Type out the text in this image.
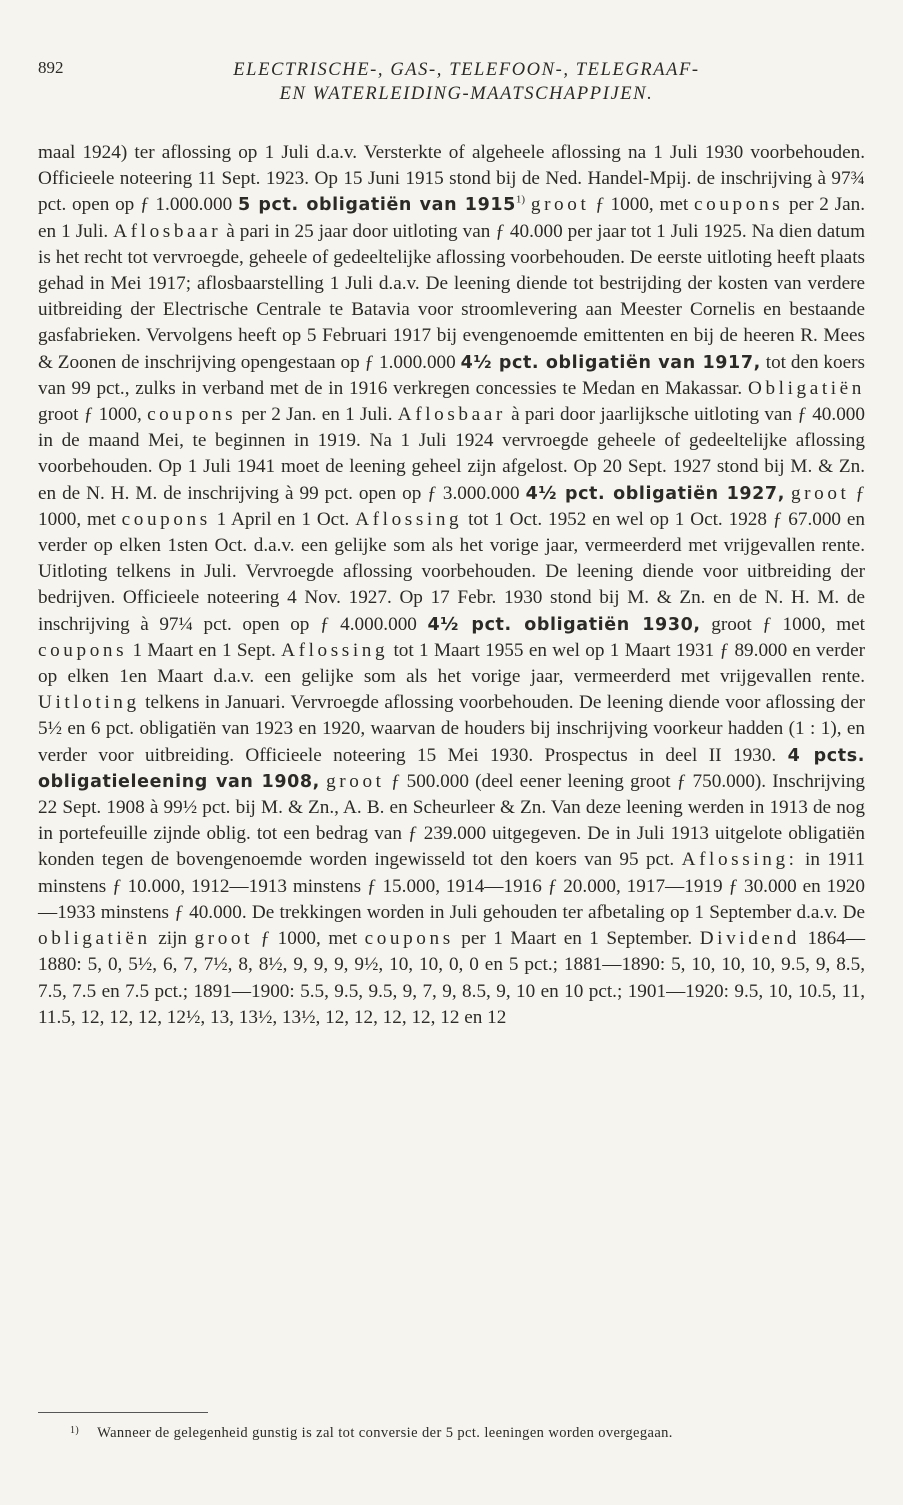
892	ELECTRISCHE-, GAS-, TELEFOON-, TELEGRAAF-
EN WATERLEIDING-MAATSCHAPPIJEN.

maal 1924) ter aflossing op 1 Juli d.a.v. Versterkte of algeheele aflossing na 1 Juli 1930 voorbehouden. Officieele noteering 11 Sept. 1923. Op 15 Juni 1915 stond bij de Ned. Handel-Mpij. de inschrijving à 97¾ pct. open op ƒ 1.000.000 5 pct. obligatiën van 1915$^{1)}$ groot ƒ 1000, met coupons per 2 Jan. en 1 Juli. Aflosbaar à pari in 25 jaar door uitloting van ƒ 40.000 per jaar tot 1 Juli 1925. Na dien datum is het recht tot vervroegde, geheele of gedeeltelijke aflossing voorbehouden. De eerste uitloting heeft plaats gehad in Mei 1917; aflosbaarstelling 1 Juli d.a.v. De leening diende tot bestrijding der kosten van verdere uitbreiding der Electrische Centrale te Batavia voor stroomlevering aan Meester Cornelis en bestaande gasfabrieken. Vervolgens heeft op 5 Februari 1917 bij evengenoemde emittenten en bij de heeren R. Mees & Zoonen de inschrijving opengestaan op ƒ 1.000.000 4½ pct. obligatiën van 1917, tot den koers van 99 pct., zulks in verband met de in 1916 verkregen concessies te Medan en Makassar. Obligatiën groot ƒ 1000, coupons per 2 Jan. en 1 Juli. Aflosbaar à pari door jaarlijksche uitloting van ƒ 40.000 in de maand Mei, te beginnen in 1919. Na 1 Juli 1924 vervroegde geheele of gedeeltelijke aflossing voorbehouden. Op 1 Juli 1941 moet de leening geheel zijn afgelost. Op 20 Sept. 1927 stond bij M. & Zn. en de N. H. M. de inschrijving à 99 pct. open op ƒ 3.000.000 4½ pct. obligatiën 1927, groot ƒ 1000, met coupons 1 April en 1 Oct. Aflossing tot 1 Oct. 1952 en wel op 1 Oct. 1928 ƒ 67.000 en verder op elken 1sten Oct. d.a.v. een gelijke som als het vorige jaar, vermeerderd met vrijgevallen rente. Uitloting telkens in Juli. Vervroegde aflossing voorbehouden. De leening diende voor uitbreiding der bedrijven. Officieele noteering 4 Nov. 1927. Op 17 Febr. 1930 stond bij M. & Zn. en de N. H. M. de inschrijving à 97¼ pct. open op ƒ 4.000.000 4½ pct. obligatiën 1930, groot ƒ 1000, met coupons 1 Maart en 1 Sept. Aflossing tot 1 Maart 1955 en wel op 1 Maart 1931 ƒ 89.000 en verder op elken 1en Maart d.a.v. een gelijke som als het vorige jaar, vermeerderd met vrijgevallen rente. Uitloting telkens in Januari. Vervroegde aflossing voorbehouden. De leening diende voor aflossing der 5½ en 6 pct. obligatiën van 1923 en 1920, waarvan de houders bij inschrijving voorkeur hadden (1 : 1), en verder voor uitbreiding. Officieele noteering 15 Mei 1930. Prospectus in deel II 1930. 4 pcts. obligatieleening van 1908, groot ƒ 500.000 (deel eener leening groot ƒ 750.000). Inschrijving 22 Sept. 1908 à 99½ pct. bij M. & Zn., A. B. en Scheurleer & Zn. Van deze leening werden in 1913 de nog in portefeuille zijnde oblig. tot een bedrag van ƒ 239.000 uitgegeven. De in Juli 1913 uitgelote obligatiën konden tegen de bovengenoemde worden ingewisseld tot den koers van 95 pct. Aflossing: in 1911 minstens ƒ 10.000, 1912—1913 minstens ƒ 15.000, 1914—1916 ƒ 20.000, 1917—1919 ƒ 30.000 en 1920—1933 minstens ƒ 40.000. De trekkingen worden in Juli gehouden ter afbetaling op 1 September d.a.v. De obligatiën zijn groot ƒ 1000, met coupons per 1 Maart en 1 September. Dividend 1864—1880: 5, 0, 5½, 6, 7, 7½, 8, 8½, 9, 9, 9, 9½, 10, 10, 0, 0 en 5 pct.; 1881—1890: 5, 10, 10, 10, 9.5, 9, 8.5, 7.5, 7.5 en 7.5 pct.; 1891—1900: 5.5, 9.5, 9.5, 9, 7, 9, 8.5, 9, 10 en 10 pct.; 1901—1920: 9.5, 10, 10.5, 11, 11.5, 12, 12, 12, 12½, 13, 13½, 13½, 12, 12, 12, 12, 12 en 12

$^{1)}$ Wanneer de gelegenheid gunstig is zal tot conversie der 5 pct. leeningen worden overgegaan.
